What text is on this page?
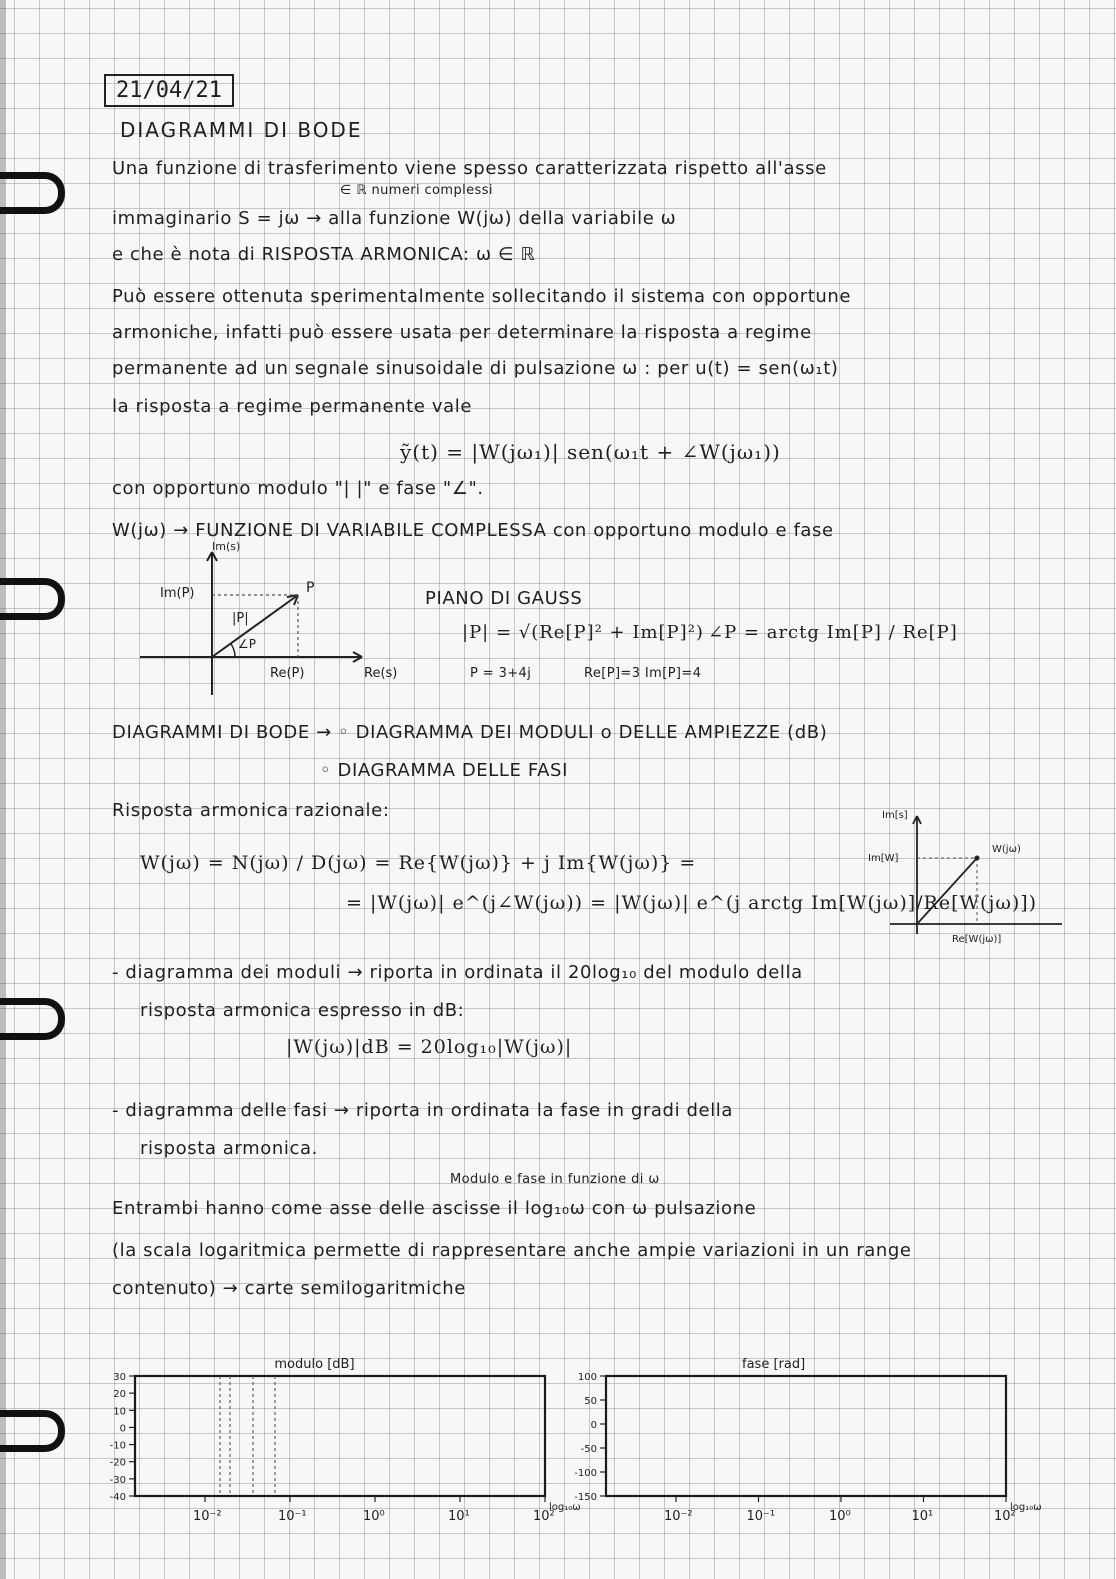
21/04/21
DIAGRAMMI DI BODE
Una funzione di trasferimento viene spesso caratterizzata rispetto all'asse
∈ ℝ numeri complessi
immaginario S = jω → alla funzione W(jω) della variabile ω
e che è nota di RISPOSTA ARMONICA: ω ∈ ℝ
Può essere ottenuta sperimentalmente sollecitando il sistema con opportune
armoniche, infatti può essere usata per determinare la risposta a regime
permanente ad un segnale sinusoidale di pulsazione ω : per u(t) = sen(ω₁t)
la risposta a regime permanente vale
ỹ(t) = |W(jω₁)| sen(ω₁t + ∠W(jω₁))
con opportuno modulo "| |" e fase "∠".
W(jω) → FUNZIONE DI VARIABILE COMPLESSA con opportuno modulo e fase
Im(s)
Im(P)	P
|P|
∠P
Re(P)	Re(s)
PIANO DI GAUSS
|P| = √(Re[P]² + Im[P]²) ∠P = arctg Im[P] / Re[P]
P = 3+4j	Re[P]=3 Im[P]=4
DIAGRAMMI DI BODE → ◦ DIAGRAMMA DEI MODULI o DELLE AMPIEZZE (dB)
◦ DIAGRAMMA DELLE FASI
Risposta armonica razionale:
W(jω) = N(jω) / D(jω) = Re{W(jω)} + j Im{W(jω)} =
= |W(jω)| e^(j∠W(jω)) = |W(jω)| e^(j arctg Im[W(jω)]/Re[W(jω)])
Im[s]
W(jω)
Im[W]
Re[W(jω)]
- diagramma dei moduli → riporta in ordinata il 20log₁₀ del modulo della
risposta armonica espresso in dB:
|W(jω)|dB = 20log₁₀|W(jω)|
- diagramma delle fasi → riporta in ordinata la fase in gradi della
risposta armonica.
Modulo e fase in funzione di ω
Entrambi hanno come asse delle ascisse il log₁₀ω con ω pulsazione
(la scala logaritmica permette di rappresentare anche ampie variazioni in un range
contenuto) → carte semilogaritmiche
modulo [dB]
30
20
10
0
-10
-20
-30
-40
10⁻²	10⁻¹	10⁰	10¹	10²
log₁₀ω
fase [rad]
100
50
0
-50
-100
-150
10⁻²	10⁻¹	10⁰	10¹	10²
log₁₀ω
